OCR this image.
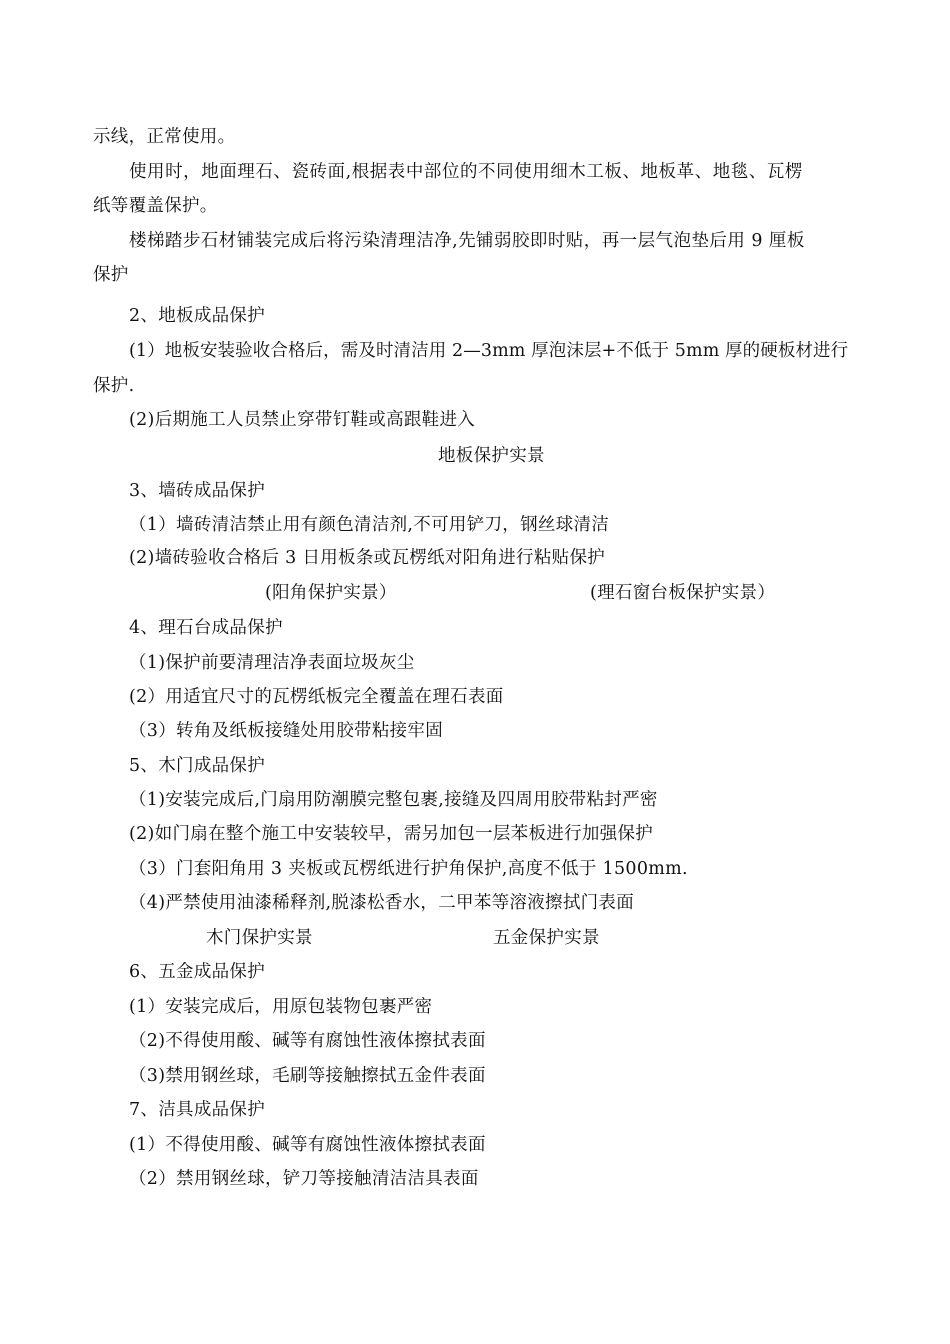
示线，正常使用。
使用时，地面理石、瓷砖面,根据表中部位的不同使用细木工板、地板革、地毯、瓦楞
纸等覆盖保护。
楼梯踏步石材铺装完成后将污染清理洁净,先铺弱胶即时贴，再一层气泡垫后用 9 厘板
保护
2、地板成品保护
(1）地板安装验收合格后，需及时清洁用 2—3mm 厚泡沫层+不低于 5mm 厚的硬板材进行
保护.
(2)后期施工人员禁止穿带钉鞋或高跟鞋进入
地板保护实景
3、墙砖成品保护
（1）墙砖清洁禁止用有颜色清洁剂,不可用铲刀，钢丝球清洁
(2)墙砖验收合格后 3 日用板条或瓦楞纸对阳角进行粘贴保护
(阳角保护实景）	(理石窗台板保护实景）
4、理石台成品保护
（1)保护前要清理洁净表面垃圾灰尘
(2）用适宜尺寸的瓦楞纸板完全覆盖在理石表面
（3）转角及纸板接缝处用胶带粘接牢固
5、木门成品保护
（1)安装完成后,门扇用防潮膜完整包裹,接缝及四周用胶带粘封严密
(2)如门扇在整个施工中安装较早，需另加包一层苯板进行加强保护
（3）门套阳角用 3 夹板或瓦楞纸进行护角保护,高度不低于 1500mm.
（4)严禁使用油漆稀释剂,脱漆松香水，二甲苯等溶液擦拭门表面
木门保护实景	五金保护实景
6、五金成品保护
(1）安装完成后，用原包装物包裹严密
（2)不得使用酸、碱等有腐蚀性液体擦拭表面
（3)禁用钢丝球，毛刷等接触擦拭五金件表面
7、洁具成品保护
(1）不得使用酸、碱等有腐蚀性液体擦拭表面
（2）禁用钢丝球，铲刀等接触清洁洁具表面
